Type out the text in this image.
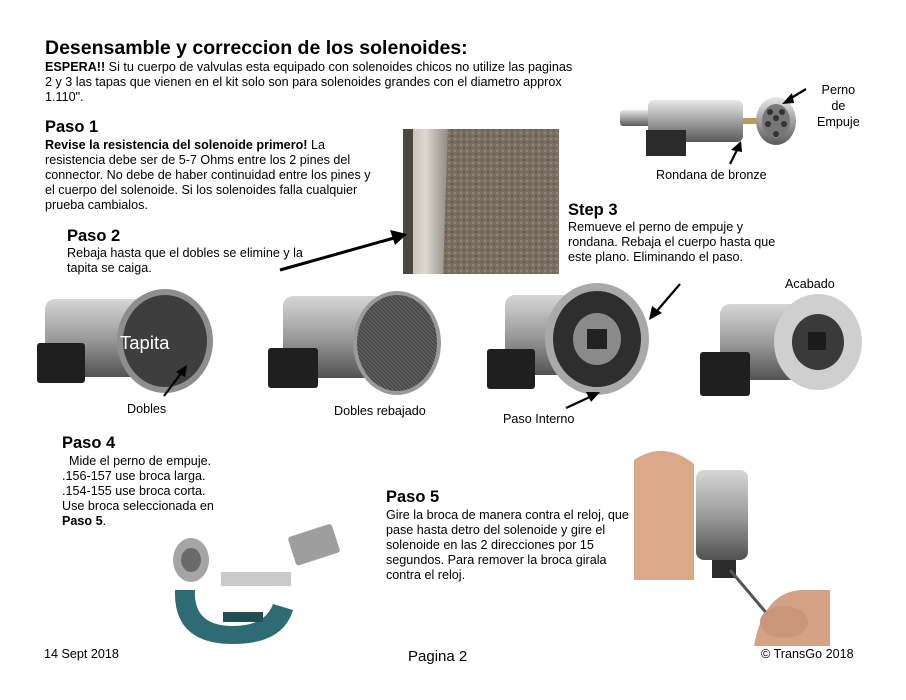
Desensamble y correccion de los solenoides:
ESPERA!! Si tu cuerpo de valvulas esta equipado con solenoides chicos no utilize las paginas 2 y 3 las tapas que vienen en el kit solo son para solenoides grandes con el diametro approx 1.110".
Paso 1
Revise la resistencia del solenoide primero! La resistencia debe ser de 5-7 Ohms entre los 2 pines del connector. No debe de haber continuidad entre los pines y el cuerpo del solenoide. Si los solenoides falla cualquier prueba cambialos.
Paso 2
Rebaja hasta que el dobles se elimine y la tapita se caiga.
Step 3
Remueve el perno de empuje y rondana. Rebaja el cuerpo hasta que este plano. Eliminando el paso.
Paso 4
Mide el perno de empuje.
.156-157 use broca larga.
.154-155 use broca corta.
Use broca seleccionada en
Paso 5.
Paso 5
Gire la broca de manera contra el reloj, que pase hasta detro del solenoide y gire el solenoide en las 2 direcciones por 15 segundos. Para remover la broca girala contra el reloj.
Perno
de
Empuje
Rondana de bronze
Tapita
Dobles	Dobles rebajado
Paso Interno
Acabado
14 Sept 2018	Pagina 2	© TransGo 2018
